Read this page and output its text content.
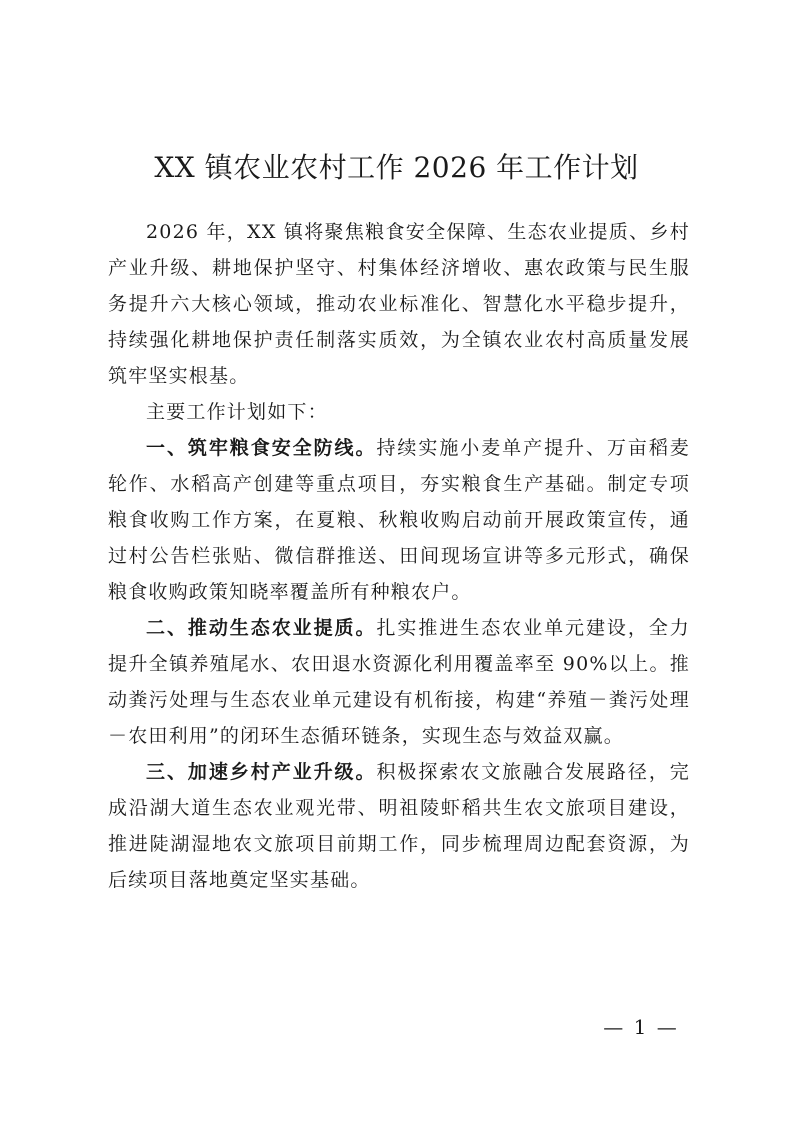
XX 镇农业农村工作 2026 年工作计划

2026 年，XX 镇将聚焦粮食安全保障、生态农业提质、乡村产业升级、耕地保护坚守、村集体经济增收、惠农政策与民生服务提升六大核心领域，推动农业标准化、智慧化水平稳步提升，持续强化耕地保护责任制落实质效，为全镇农业农村高质量发展筑牢坚实根基。

主要工作计划如下：

一、筑牢粮食安全防线。持续实施小麦单产提升、万亩稻麦轮作、水稻高产创建等重点项目，夯实粮食生产基础。制定专项粮食收购工作方案，在夏粮、秋粮收购启动前开展政策宣传，通过村公告栏张贴、微信群推送、田间现场宣讲等多元形式，确保粮食收购政策知晓率覆盖所有种粮农户。

二、推动生态农业提质。扎实推进生态农业单元建设，全力提升全镇养殖尾水、农田退水资源化利用覆盖率至 90%以上。推动粪污处理与生态农业单元建设有机衔接，构建“养殖－粪污处理－农田利用”的闭环生态循环链条，实现生态与效益双赢。

三、加速乡村产业升级。积极探索农文旅融合发展路径，完成沿湖大道生态农业观光带、明祖陵虾稻共生农文旅项目建设，推进陡湖湿地农文旅项目前期工作，同步梳理周边配套资源，为后续项目落地奠定坚实基础。

— 1 —
